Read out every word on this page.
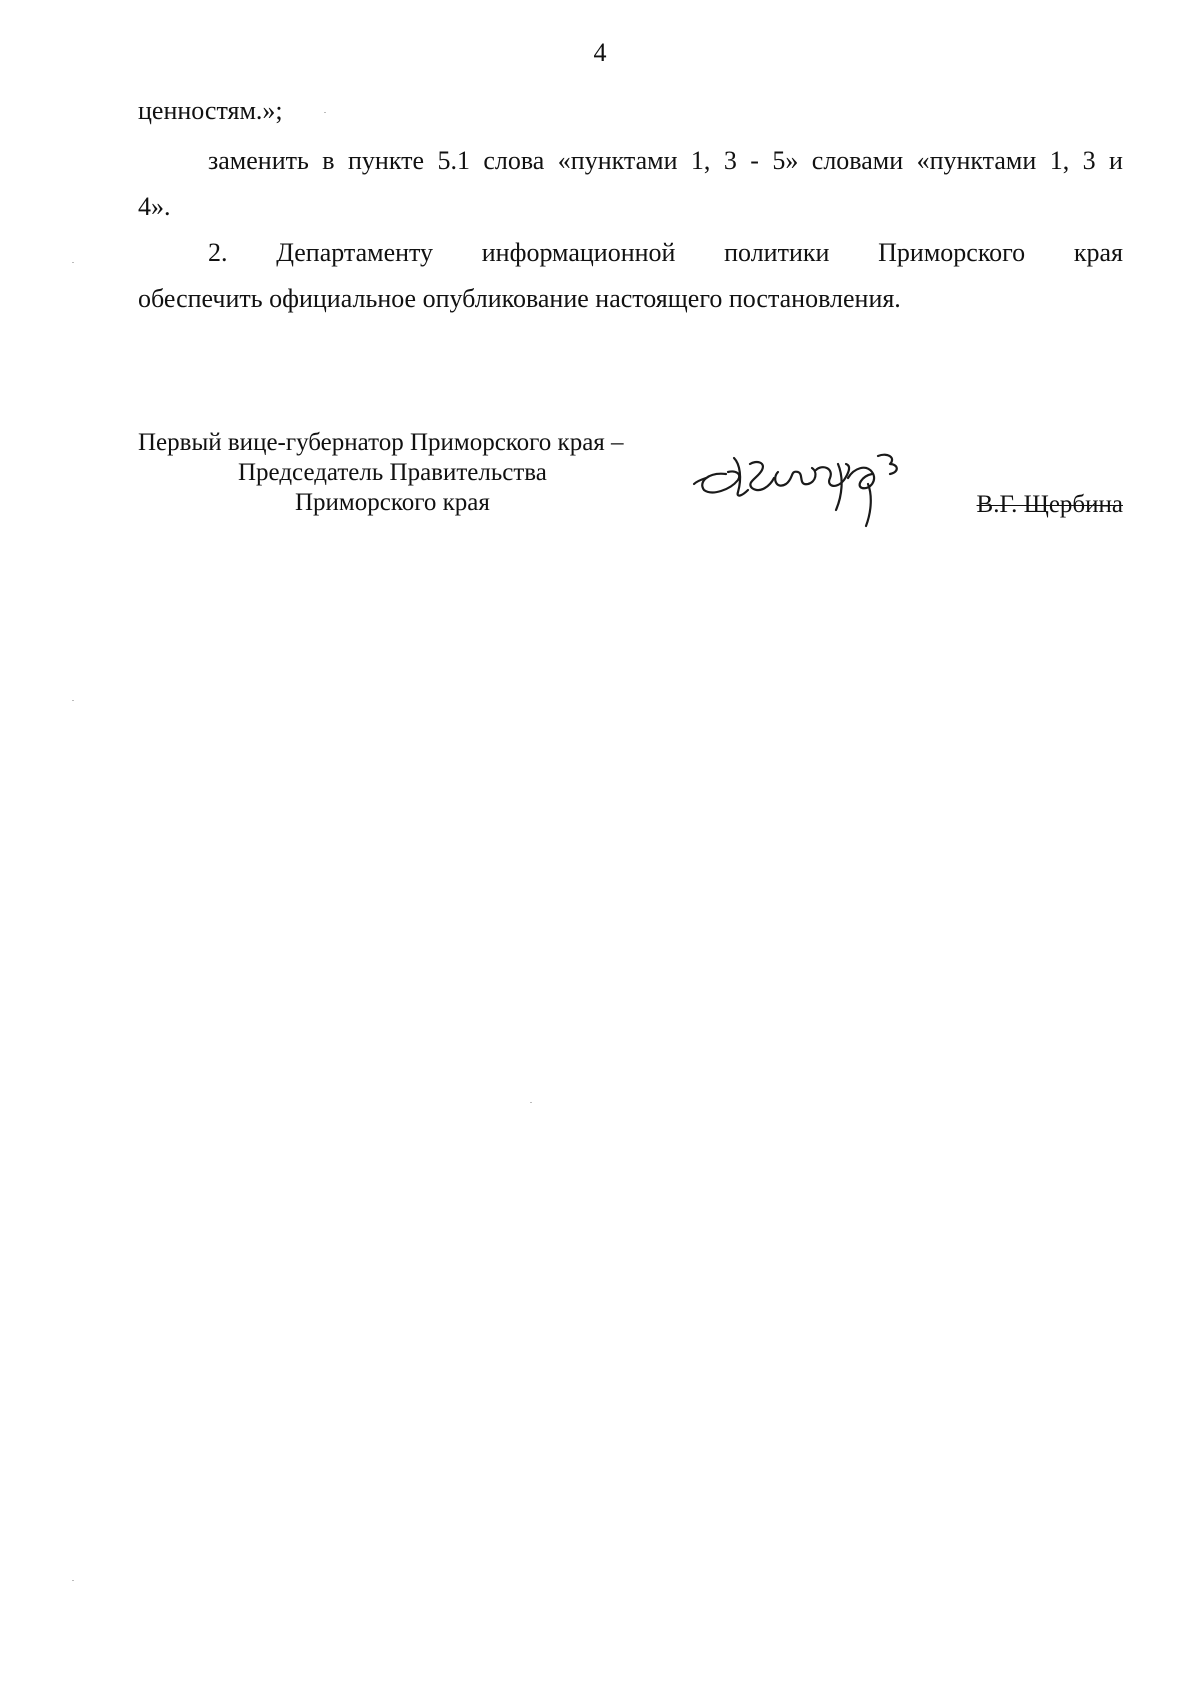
4
ценностям.»;
заменить в пункте 5.1 слова «пунктами 1, 3 - 5» словами «пунктами 1, 3 и
4».
2. Департаменту информационной политики Приморского края
обеспечить официальное опубликование настоящего постановления.
Первый вице-губернатор Приморского края –
Председатель Правительства
Приморского края	В.Г. Щербина
